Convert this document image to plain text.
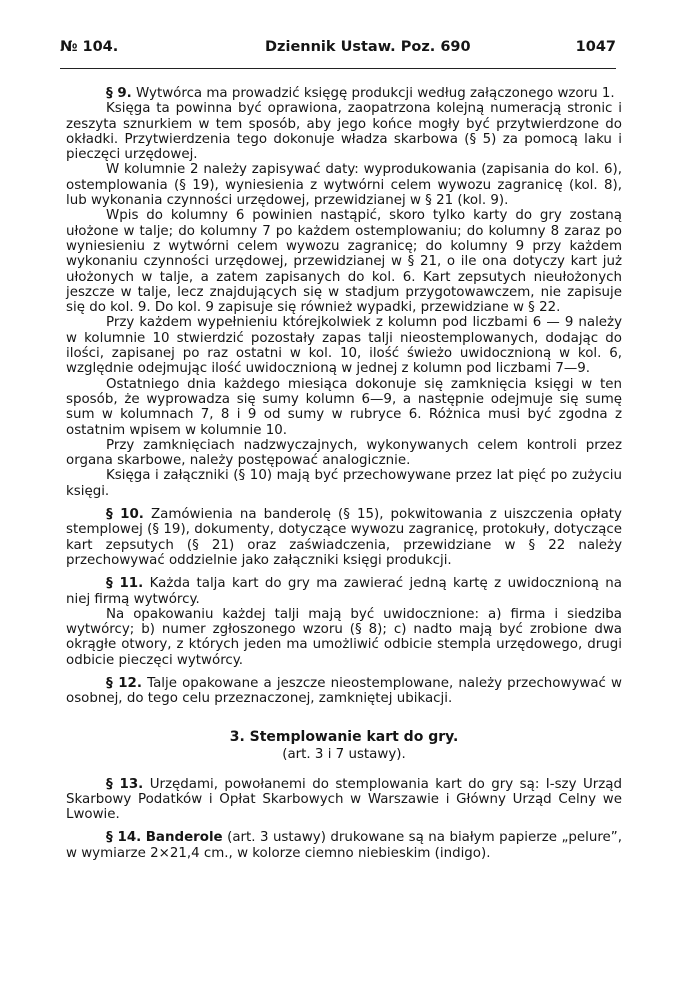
№ 104.	Dziennik Ustaw. Poz. 690	1047

§ 9. Wytwórca ma prowadzić księgę produkcji według załączonego wzoru 1.

Księga ta powinna być oprawiona, zaopatrzona kolejną numeracją stronic i zeszyta sznurkiem w tem sposób, aby jego końce mogły być przytwierdzone do okładki. Przytwierdzenia tego dokonuje władza skarbowa (§ 5) za pomocą laku i pieczęci urzędowej.

W kolumnie 2 należy zapisywać daty: wyprodukowania (zapisania do kol. 6), ostemplowania (§ 19), wyniesienia z wytwórni celem wywozu zagranicę (kol. 8), lub wykonania czynności urzędowej, przewidzianej w § 21 (kol. 9).

Wpis do kolumny 6 powinien nastąpić, skoro tylko karty do gry zostaną ułożone w talje; do kolumny 7 po każdem ostemplowaniu; do kolumny 8 zaraz po wyniesieniu z wytwórni celem wywozu zagranicę; do kolumny 9 przy każdem wykonaniu czynności urzędowej, przewidzianej w § 21, o ile ona dotyczy kart już ułożonych w talje, a zatem zapisanych do kol. 6. Kart zepsutych nieułożonych jeszcze w talje, lecz znajdujących się w stadjum przygotowawczem, nie zapisuje się do kol. 9. Do kol. 9 zapisuje się również wypadki, przewidziane w § 22.

Przy każdem wypełnieniu którejkolwiek z kolumn pod liczbami 6 — 9 należy w kolumnie 10 stwierdzić pozostały zapas talji nieostemplowanych, dodając do ilości, zapisanej po raz ostatni w kol. 10, ilość świeżo uwidocznioną w kol. 6, względnie odejmując ilość uwidocznioną w jednej z kolumn pod liczbami 7—9.

Ostatniego dnia każdego miesiąca dokonuje się zamknięcia księgi w ten sposób, że wyprowadza się sumy kolumn 6—9, a następnie odejmuje się sumę sum w kolumnach 7, 8 i 9 od sumy w rubryce 6. Różnica musi być zgodna z ostatnim wpisem w kolumnie 10.

Przy zamknięciach nadzwyczajnych, wykonywanych celem kontroli przez organa skarbowe, należy postępować analogicznie.

Księga i załączniki (§ 10) mają być przechowywane przez lat pięć po zużyciu księgi.

§ 10. Zamówienia na banderolę (§ 15), pokwitowania z uiszczenia opłaty stemplowej (§ 19), dokumenty, dotyczące wywozu zagranicę, protokuły, dotyczące kart zepsutych (§ 21) oraz zaświadczenia, przewidziane w § 22 należy przechowywać oddzielnie jako załączniki księgi produkcji.

§ 11. Każda talja kart do gry ma zawierać jedną kartę z uwidocznioną na niej firmą wytwórcy.

Na opakowaniu każdej talji mają być uwidocznione: a) firma i siedziba wytwórcy; b) numer zgłoszonego wzoru (§ 8); c) nadto mają być zrobione dwa okrągłe otwory, z których jeden ma umożliwić odbicie stempla urzędowego, drugi odbicie pieczęci wytwórcy.

§ 12. Talje opakowane a jeszcze nieostemplowane, należy przechowywać w osobnej, do tego celu przeznaczonej, zamkniętej ubikacji.

3. Stemplowanie kart do gry.
(art. 3 i 7 ustawy).

§ 13. Urzędami, powołanemi do stemplowania kart do gry są: I-szy Urząd Skarbowy Podatków i Opłat Skarbowych w Warszawie i Główny Urząd Celny we Lwowie.

§ 14. Banderole (art. 3 ustawy) drukowane są na białym papierze „pelure”, w wymiarze 2×21,4 cm., w kolorze ciemno niebieskim (indigo).
